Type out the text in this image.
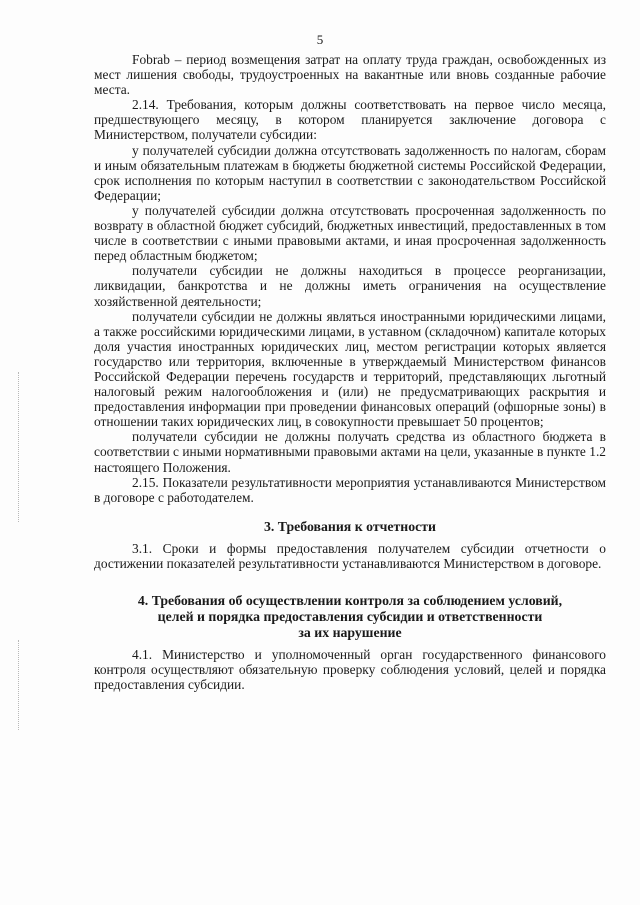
5

Fobrab – период возмещения затрат на оплату труда граждан, освобожденных из мест лишения свободы, трудоустроенных на вакантные или вновь созданные рабочие места.

2.14. Требования, которым должны соответствовать на первое число месяца, предшествующего месяцу, в котором планируется заключение договора с Министерством, получатели субсидии:

у получателей субсидии должна отсутствовать задолженность по налогам, сборам и иным обязательным платежам в бюджеты бюджетной системы Российской Федерации, срок исполнения по которым наступил в соответствии с законодательством Российской Федерации;

у получателей субсидии должна отсутствовать просроченная задолженность по возврату в областной бюджет субсидий, бюджетных инвестиций, предоставленных в том числе в соответствии с иными правовыми актами, и иная просроченная задолженность перед областным бюджетом;

получатели субсидии не должны находиться в процессе реорганизации, ликвидации, банкротства и не должны иметь ограничения на осуществление хозяйственной деятельности;

получатели субсидии не должны являться иностранными юридическими лицами, а также российскими юридическими лицами, в уставном (складочном) капитале которых доля участия иностранных юридических лиц, местом регистрации которых является государство или территория, включенные в утверждаемый Министерством финансов Российской Федерации перечень государств и территорий, представляющих льготный налоговый режим налогообложения и (или) не предусматривающих раскрытия и предоставления информации при проведении финансовых операций (офшорные зоны) в отношении таких юридических лиц, в совокупности превышает 50 процентов;

получатели субсидии не должны получать средства из областного бюджета в соответствии с иными нормативными правовыми актами на цели, указанные в пункте 1.2 настоящего Положения.

2.15. Показатели результативности мероприятия устанавливаются Министерством в договоре с работодателем.

3. Требования к отчетности

3.1. Сроки и формы предоставления получателем субсидии отчетности о достижении показателей результативности устанавливаются Министерством в договоре.

4. Требования об осуществлении контроля за соблюдением условий,
целей и порядка предоставления субсидии и ответственности
за их нарушение

4.1. Министерство и уполномоченный орган государственного финансового контроля осуществляют обязательную проверку соблюдения условий, целей и порядка предоставления субсидии.
